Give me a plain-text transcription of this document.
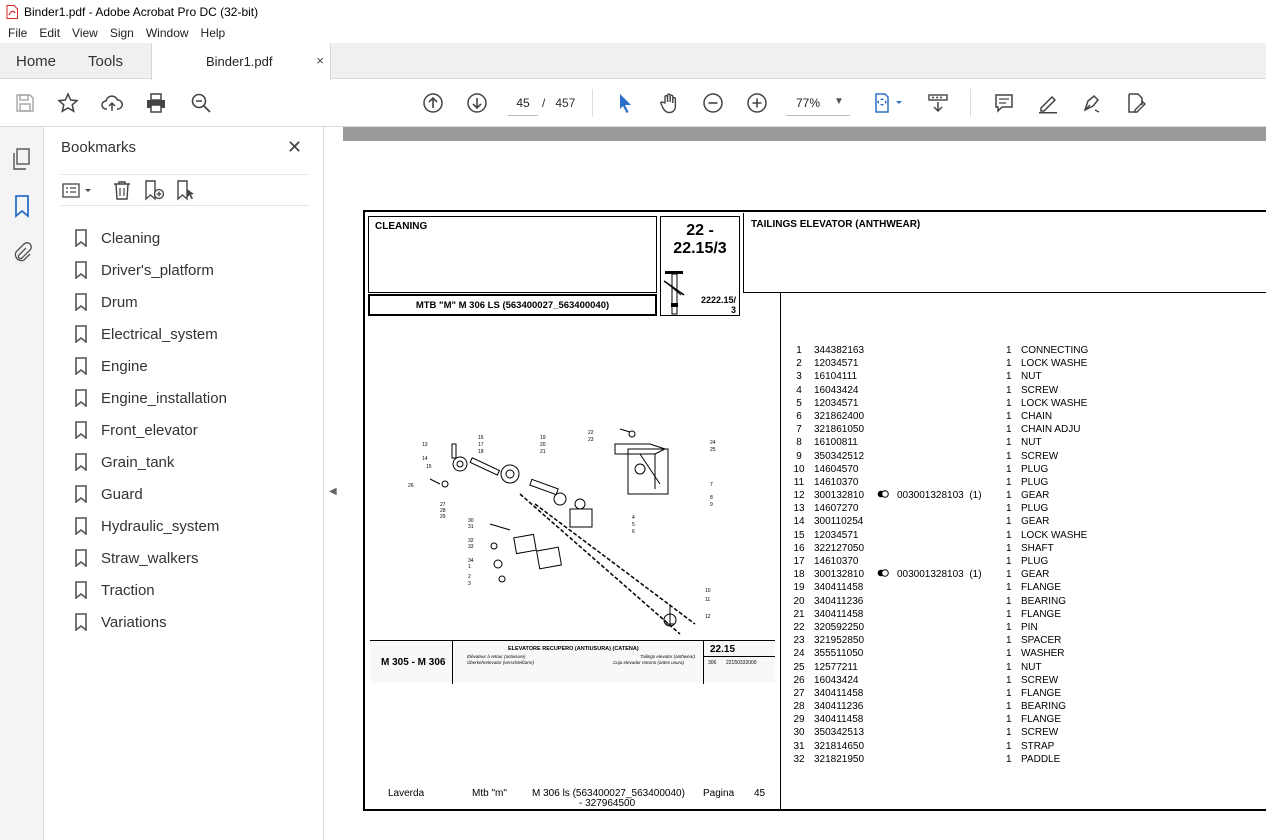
Binder1.pdf - Adobe Acrobat Pro DC (32-bit)
File	Edit	View	Sign	Window	Help
Home Tools	Binder1.pdf	×
45
/ 457
77%	▼
Bookmarks	✕
Cleaning
Driver's_platform
Drum
Electrical_system
Engine
Engine_installation
Front_elevator
Grain_tank
Guard
Hydraulic_system
Straw_walkers
Traction
Variations
◀
CLEANING
MTB "M" M 306 LS (563400027_563400040)
22 -
22.15/3
2222.15/
3
TAILINGS ELEVATOR (ANTHWEAR)
13
14
15
16
17
18
19
20
21
22
23	24
25
26
27
28
29
30
31
32
33
34
1
2
3
7
8
9
4
5
6
10
11
12
M 305 - M 306
ELEVATORE RECUPERO (ANTIUSURA) (CATENA)
Elévateur à retour (antiusure)
Überkehrelevator (verschleißarm)
Tailings elevator (anthwear)
Cuja elevador retorno (antes usura)
22.15
306 22150332000
1	344382163	1 CONNECTING
2	12034571	1 LOCK WASHE
3	16104111	1 NUT
4	16043424	1 SCREW
5	12034571	1 LOCK WASHE
6	321862400	1 CHAIN
7	321861050	1 CHAIN ADJU
8	16100811	1 NUT
9	350342512	1 SCREW
10 14604570	1 PLUG
11 14610370	1 PLUG
12 300132810	003001328103 (1) 1 GEAR
13 14607270	1 PLUG
14 300110254	1 GEAR
15 12034571	1 LOCK WASHE
16 322127050	1 SHAFT
17 14610370	1 PLUG
18 300132810	003001328103 (1) 1 GEAR
19 340411458	1 FLANGE
20 340411236	1 BEARING
21 340411458	1 FLANGE
22 320592250	1 PIN
23 321952850	1 SPACER
24 355511050	1 WASHER
25 12577211	1 NUT
26 16043424	1 SCREW
27 340411458	1 FLANGE
28 340411236	1 BEARING
29 340411458	1 FLANGE
30 350342513	1 SCREW
31 321814650	1 STRAP
32 321821950	1 PADDLE
Laverda	Mtb "m"	M 306 ls (563400027_563400040)
- 327964500
Pagina 45
